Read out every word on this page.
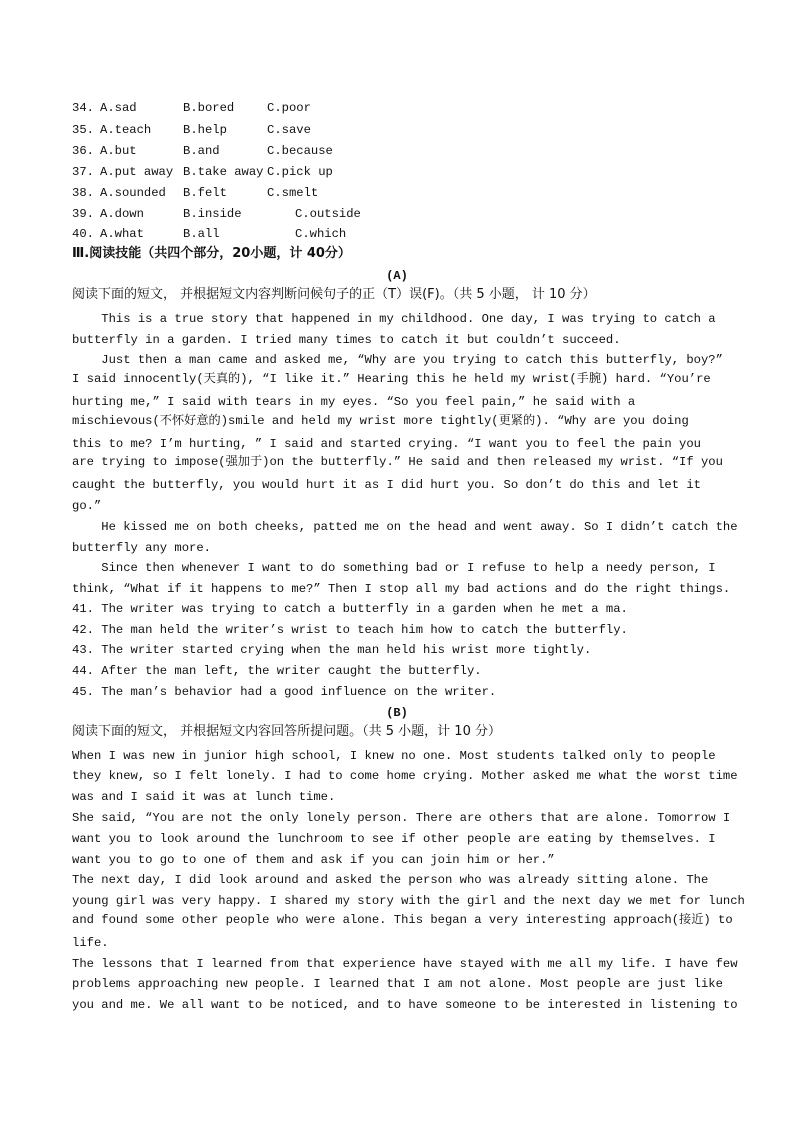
34.

A.sad

	B.bored

	C.poor

35.

A.teach

	B.help

	C.save

36.

A.but

	B.and

	C.because

37.

A.put away

B.take away

C.pick up

38.

A.sounded

B.felt

	C.smelt

39.

A.down

	B.inside

	C.outside

40.

A.what

	B.all

	C.which

Ⅲ.阅读技能（共四个部分，20小题，计 40分）
(A)
阅读下面的短文， 并根据短文内容判断问候句子的正（T）误(F)。（共 5 小题， 计 10 分）
This is a true story that happened in my childhood. One day, I was trying to catch a
butterfly in a garden. I tried many times to catch it but couldn’t succeed.
Just then a man came and asked me, “Why are you trying to catch this butterfly, boy?”
I said innocently(天真的), “I like it.” Hearing this he held my wrist(手腕) hard. “You’re
hurting me,” I said with tears in my eyes. “So you feel pain,” he said with a
mischievous(不怀好意的)smile and held my wrist more tightly(更紧的). “Why are you doing
this to me? I’m hurting, ” I said and started crying. “I want you to feel the pain you
are trying to impose(强加于)on the butterfly.” He said and then released my wrist. “If you
caught the butterfly, you would hurt it as I did hurt you. So don’t do this and let it
go.”
He kissed me on both cheeks, patted me on the head and went away. So I didn’t catch the
butterfly any more.
Since then whenever I want to do something bad or I refuse to help a needy person, I
think, “What if it happens to me?” Then I stop all my bad actions and do the right things.
41. The writer was trying to catch a butterfly in a garden when he met a ma.
42. The man held the writer’s wrist to teach him how to catch the butterfly.
43. The writer started crying when the man held his wrist more tightly.
44. After the man left, the writer caught the butterfly.
45. The man’s behavior had a good influence on the writer.
(B)
阅读下面的短文， 并根据短文内容回答所提问题。（共 5 小题，计 10 分）
When I was new in junior high school, I knew no one. Most students talked only to people
they knew, so I felt lonely. I had to come home crying. Mother asked me what the worst time
was and I said it was at lunch time.
She said, “You are not the only lonely person. There are others that are alone. Tomorrow I
want you to look around the lunchroom to see if other people are eating by themselves. I
want you to go to one of them and ask if you can join him or her.”
The next day, I did look around and asked the person who was already sitting alone. The
young girl was very happy. I shared my story with the girl and the next day we met for lunch
and found some other people who were alone. This began a very interesting approach(接近) to
life.
The lessons that I learned from that experience have stayed with me all my life. I have few
problems approaching new people. I learned that I am not alone. Most people are just like
you and me. We all want to be noticed, and to have someone to be interested in listening to
